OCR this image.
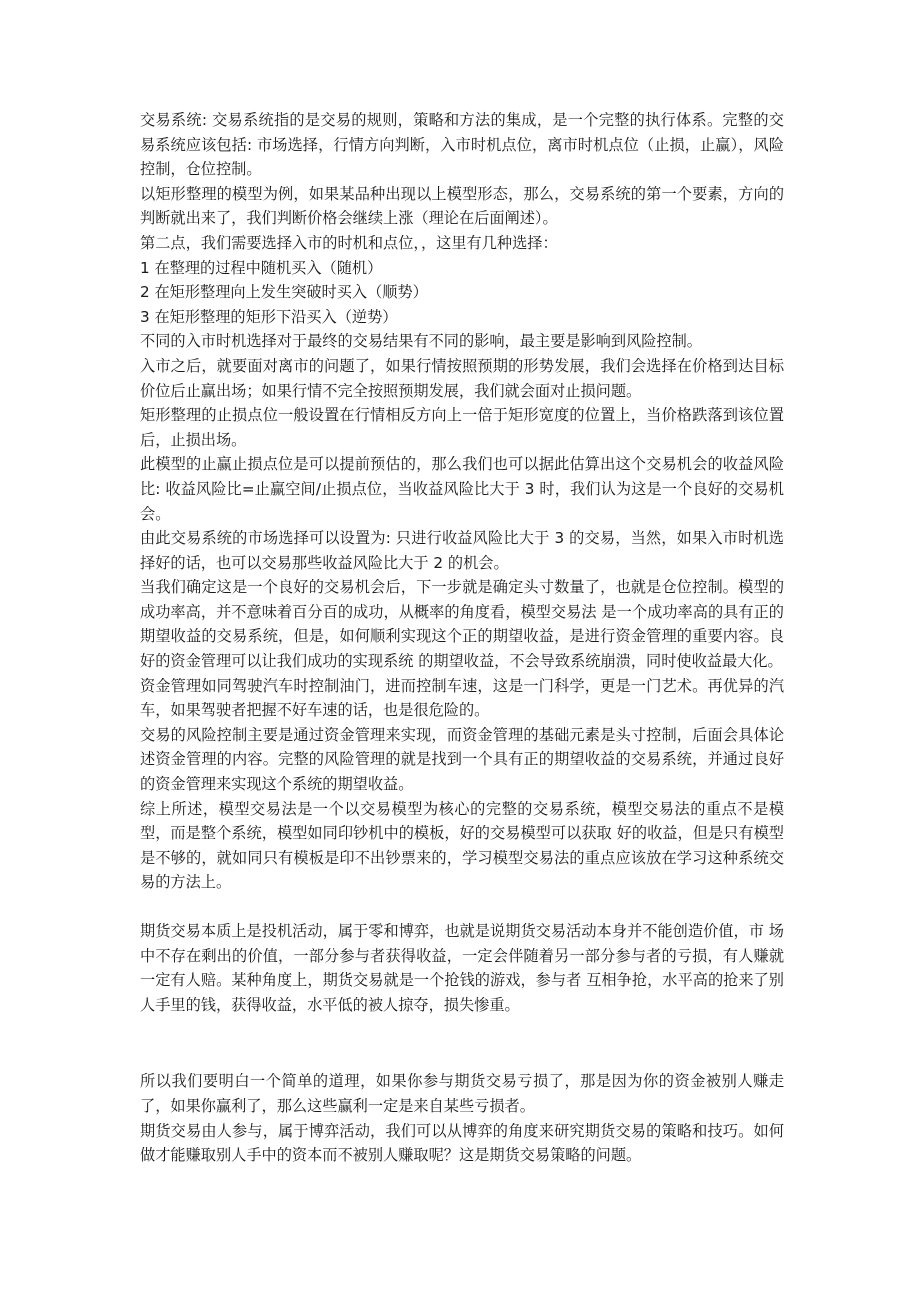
交易系统: 交易系统指的是交易的规则，策略和方法的集成，是一个完整的执行体系。完整的交易系统应该包括: 市场选择，行情方向判断，入市时机点位，离市时机点位（止损，止赢），风险控制，仓位控制。

以矩形整理的模型为例，如果某品种出现以上模型形态，那么，交易系统的第一个要素，方向的判断就出来了，我们判断价格会继续上涨（理论在后面阐述）。

第二点，我们需要选择入市的时机和点位，，这里有几种选择：

1 在整理的过程中随机买入（随机）

2 在矩形整理向上发生突破时买入（顺势）

3 在矩形整理的矩形下沿买入（逆势）

不同的入市时机选择对于最终的交易结果有不同的影响，最主要是影响到风险控制。

入市之后，就要面对离市的问题了，如果行情按照预期的形势发展，我们会选择在价格到达目标价位后止赢出场；如果行情不完全按照预期发展，我们就会面对止损问题。

矩形整理的止损点位一般设置在行情相反方向上一倍于矩形宽度的位置上，当价格跌落到该位置后，止损出场。

此模型的止赢止损点位是可以提前预估的，那么我们也可以据此估算出这个交易机会的收益风险比: 收益风险比=止赢空间/止损点位，当收益风险比大于 3 时，我们认为这是一个良好的交易机会。

由此交易系统的市场选择可以设置为: 只进行收益风险比大于 3 的交易，当然，如果入市时机选择好的话，也可以交易那些收益风险比大于 2 的机会。

当我们确定这是一个良好的交易机会后，下一步就是确定头寸数量了，也就是仓位控制。模型的成功率高，并不意味着百分百的成功，从概率的角度看，模型交易法 是一个成功率高的具有正的期望收益的交易系统，但是，如何顺利实现这个正的期望收益，是进行资金管理的重要内容。良好的资金管理可以让我们成功的实现系统 的期望收益，不会导致系统崩溃，同时使收益最大化。

资金管理如同驾驶汽车时控制油门，进而控制车速，这是一门科学，更是一门艺术。再优异的汽车，如果驾驶者把握不好车速的话，也是很危险的。

交易的风险控制主要是通过资金管理来实现，而资金管理的基础元素是头寸控制，后面会具体论述资金管理的内容。完整的风险管理的就是找到一个具有正的期望收益的交易系统，并通过良好的资金管理来实现这个系统的期望收益。

综上所述，模型交易法是一个以交易模型为核心的完整的交易系统，模型交易法的重点不是模型，而是整个系统，模型如同印钞机中的模板，好的交易模型可以获取 好的收益，但是只有模型是不够的，就如同只有模板是印不出钞票来的，学习模型交易法的重点应该放在学习这种系统交易的方法上。

期货交易本质上是投机活动，属于零和博弈，也就是说期货交易活动本身并不能创造价值，市 场中不存在剩出的价值，一部分参与者获得收益，一定会伴随着另一部分参与者的亏损，有人赚就一定有人赔。某种角度上，期货交易就是一个抢钱的游戏，参与者 互相争抢，水平高的抢来了别人手里的钱，获得收益，水平低的被人掠夺，损失惨重。

所以我们要明白一个简单的道理，如果你参与期货交易亏损了，那是因为你的资金被别人赚走了，如果你赢利了，那么这些赢利一定是来自某些亏损者。

期货交易由人参与，属于博弈活动，我们可以从博弈的角度来研究期货交易的策略和技巧。如何做才能赚取别人手中的资本而不被别人赚取呢？这是期货交易策略的问题。
